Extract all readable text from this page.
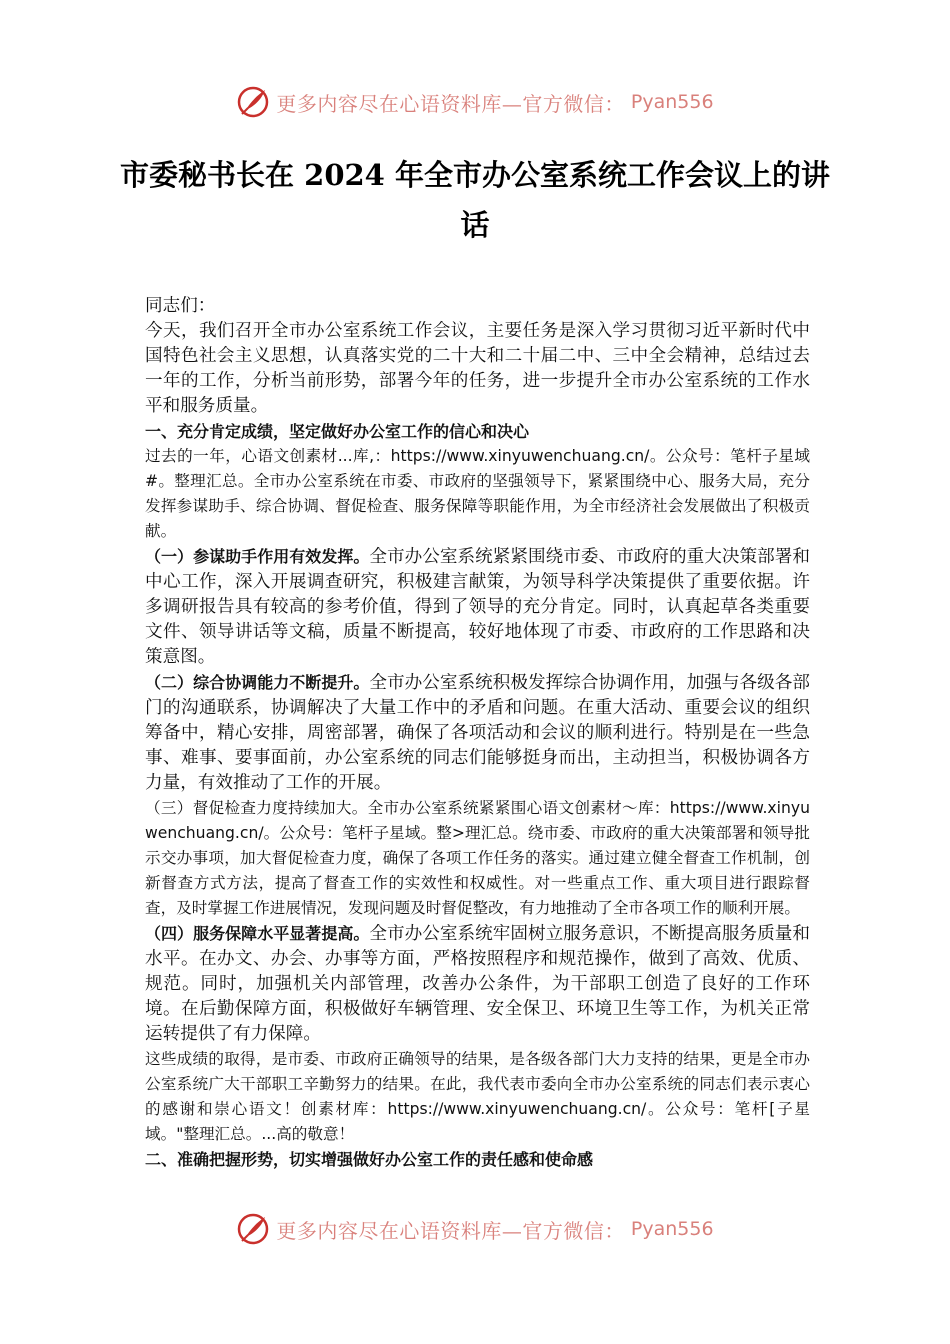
更多内容尽在心语资料库—官方微信： Pyan556
市委秘书长在 2024 年全市办公室系统工作会议上的讲话

同志们：

今天，我们召开全市办公室系统工作会议，主要任务是深入学习贯彻习近平新时代中国特色社会主义思想，认真落实党的二十大和二十届二中、三中全会精神，总结过去一年的工作，分析当前形势，部署今年的任务，进一步提升全市办公室系统的工作水平和服务质量。

一、充分肯定成绩，坚定做好办公室工作的信心和决心

过去的一年，心语文创素材...库,：https://www.xinyuwenchuang.cn/。公众号：笔杆子星域#。整理汇总。全市办公室系统在市委、市政府的坚强领导下，紧紧围绕中心、服务大局，充分发挥参谋助手、综合协调、督促检查、服务保障等职能作用，为全市经济社会发展做出了积极贡献。

（一）参谋助手作用有效发挥。全市办公室系统紧紧围绕市委、市政府的重大决策部署和中心工作，深入开展调查研究，积极建言献策，为领导科学决策提供了重要依据。许多调研报告具有较高的参考价值，得到了领导的充分肯定。同时，认真起草各类重要文件、领导讲话等文稿，质量不断提高，较好地体现了市委、市政府的工作思路和决策意图。

（二）综合协调能力不断提升。全市办公室系统积极发挥综合协调作用，加强与各级各部门的沟通联系，协调解决了大量工作中的矛盾和问题。在重大活动、重要会议的组织筹备中，精心安排，周密部署，确保了各项活动和会议的顺利进行。特别是在一些急事、难事、要事面前，办公室系统的同志们能够挺身而出，主动担当，积极协调各方力量，有效推动了工作的开展。

（三）督促检查力度持续加大。全市办公室系统紧紧围心语文创素材～库：https://www.xinyuwenchuang.cn/。公众号：笔杆子星域。整>理汇总。绕市委、市政府的重大决策部署和领导批示交办事项，加大督促检查力度，确保了各项工作任务的落实。通过建立健全督查工作机制，创新督查方式方法，提高了督查工作的实效性和权威性。对一些重点工作、重大项目进行跟踪督查，及时掌握工作进展情况，发现问题及时督促整改，有力地推动了全市各项工作的顺利开展。

（四）服务保障水平显著提高。全市办公室系统牢固树立服务意识，不断提高服务质量和水平。在办文、办会、办事等方面，严格按照程序和规范操作，做到了高效、优质、规范。同时，加强机关内部管理，改善办公条件，为干部职工创造了良好的工作环境。在后勤保障方面，积极做好车辆管理、安全保卫、环境卫生等工作，为机关正常运转提供了有力保障。

这些成绩的取得，是市委、市政府正确领导的结果，是各级各部门大力支持的结果，更是全市办公室系统广大干部职工辛勤努力的结果。在此，我代表市委向全市办公室系统的同志们表示衷心的感谢和崇心语文！创素材库：https://www.xinyuwenchuang.cn/。公众号：笔杆[子星域。"整理汇总。...高的敬意！

二、准确把握形势，切实增强做好办公室工作的责任感和使命感

更多内容尽在心语资料库—官方微信： Pyan556
